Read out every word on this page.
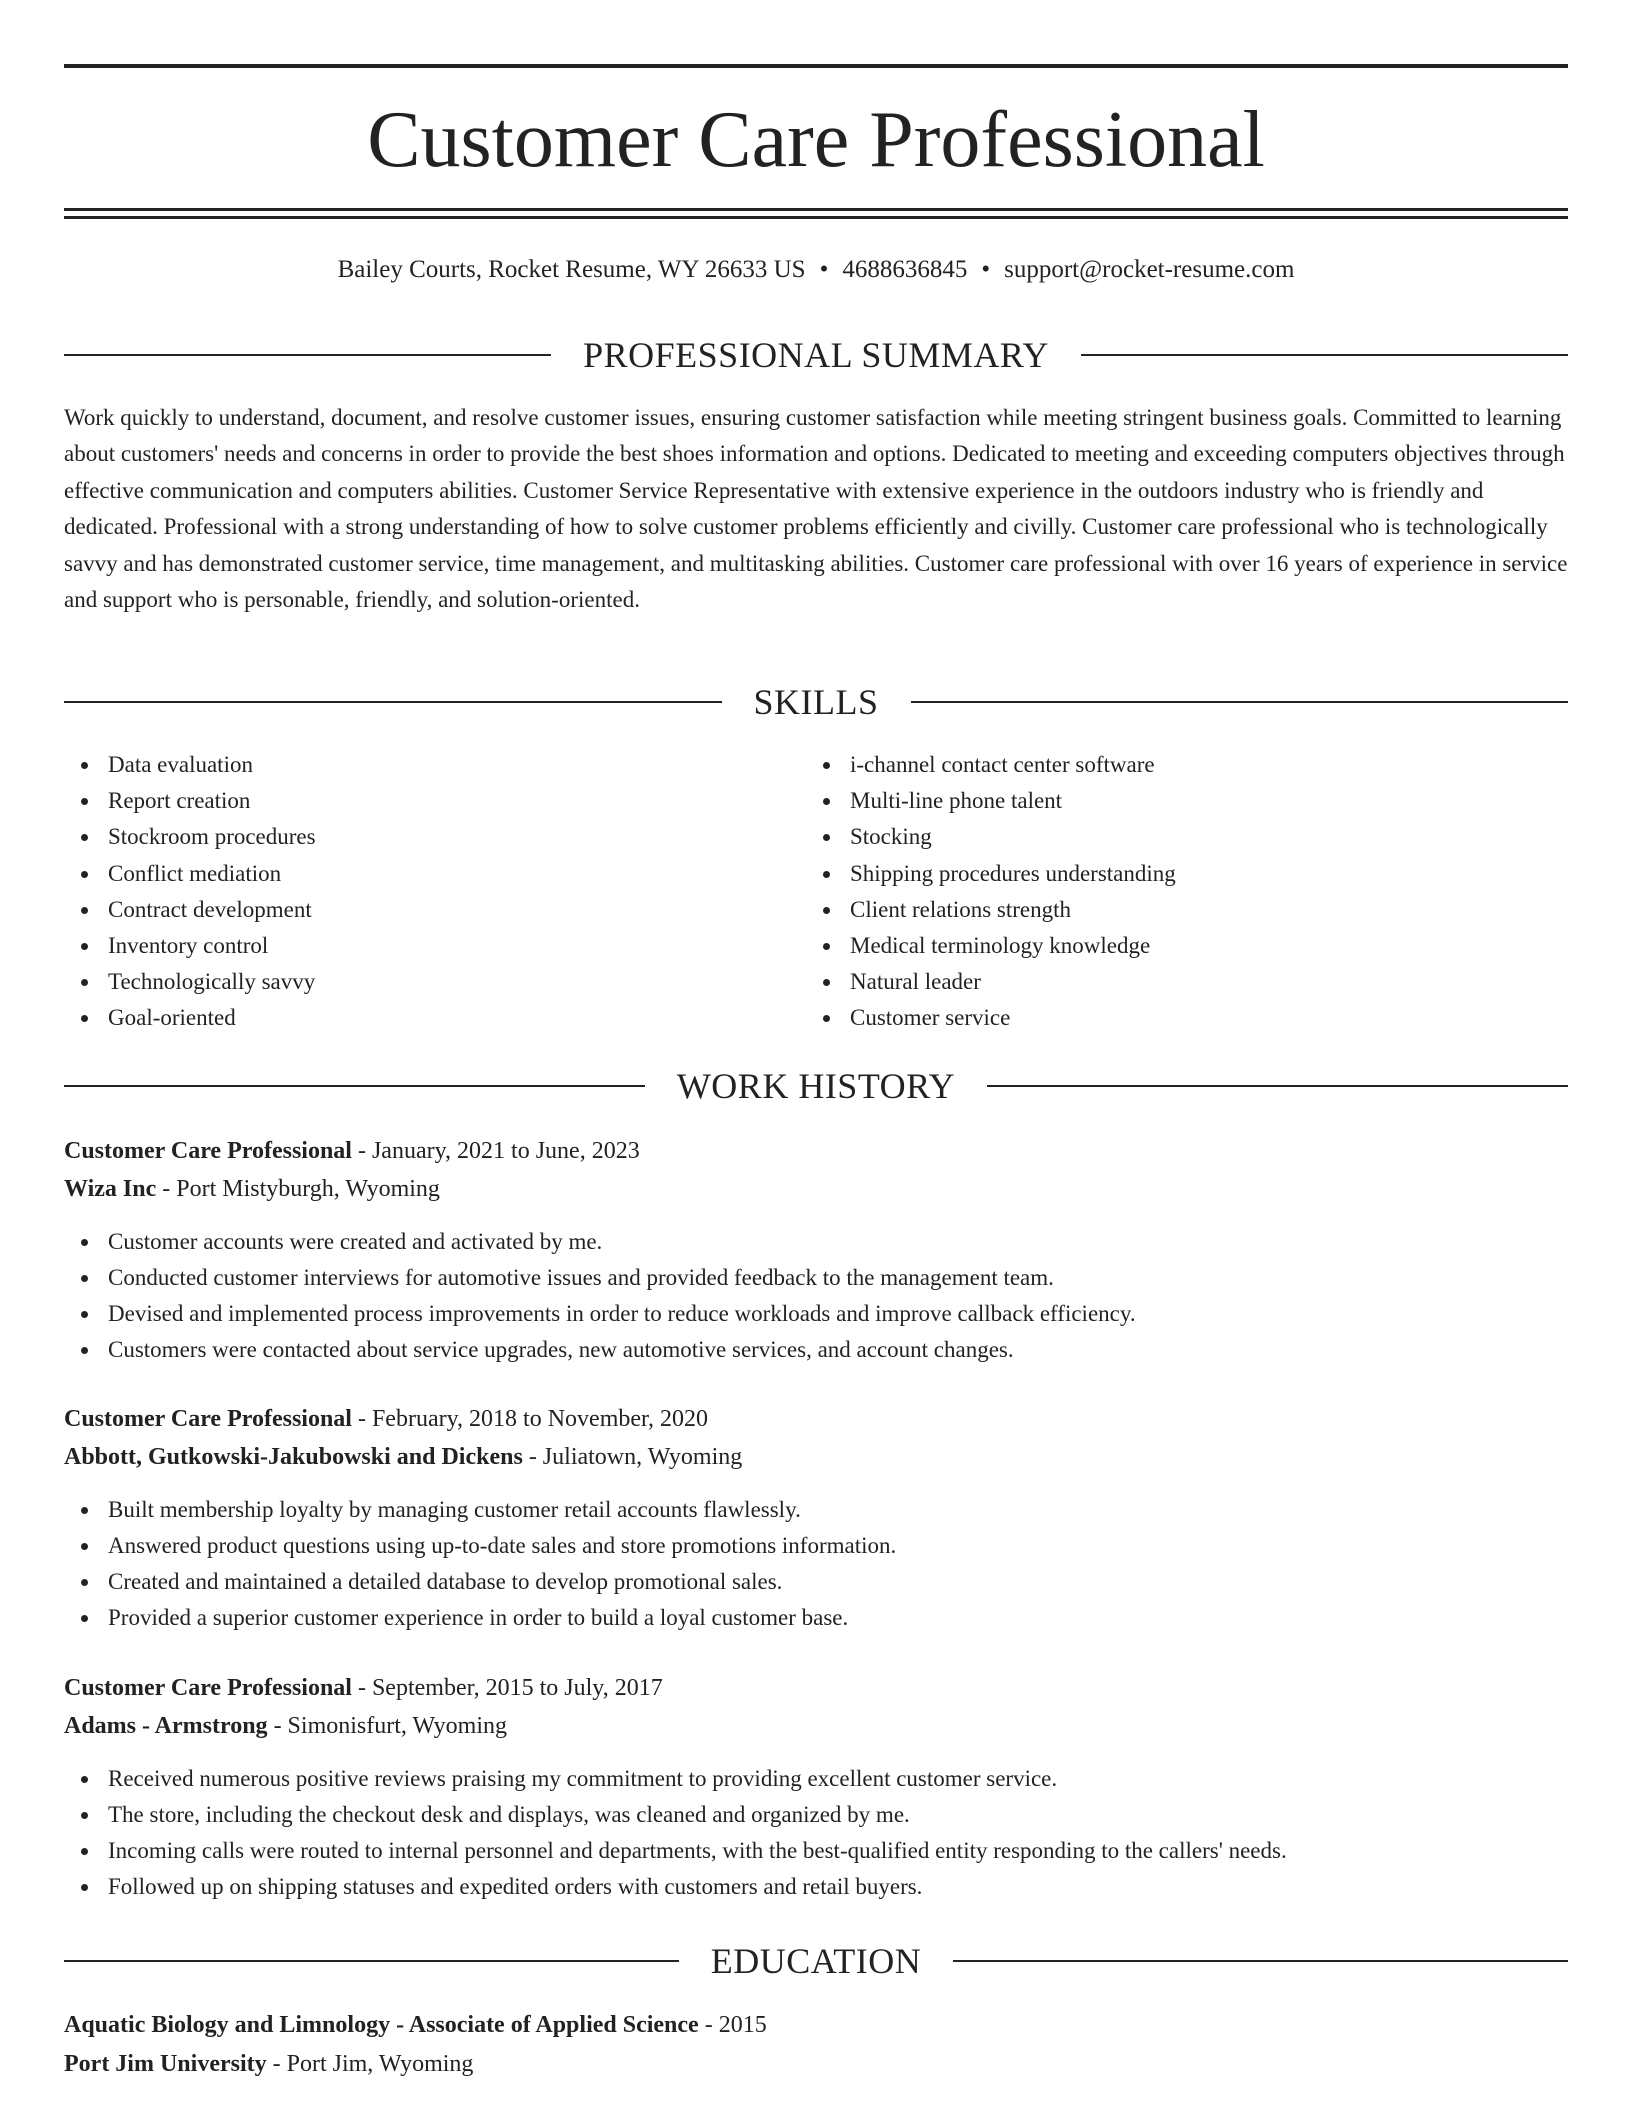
Customer Care Professional
Bailey Courts, Rocket Resume, WY 26633 US • 4688636845 • support@rocket-resume.com
PROFESSIONAL SUMMARY

Work quickly to understand, document, and resolve customer issues, ensuring customer satisfaction while meeting stringent business goals. Committed to learning about customers' needs and concerns in order to provide the best shoes information and options. Dedicated to meeting and exceeding computers objectives through effective communication and computers abilities. Customer Service Representative with extensive experience in the outdoors industry who is friendly and dedicated. Professional with a strong understanding of how to solve customer problems efficiently and civilly. Customer care professional who is technologically savvy and has demonstrated customer service, time management, and multitasking abilities. Customer care professional with over 16 years of experience in service and support who is personable, friendly, and solution-oriented.

SKILLS
Data evaluation
Report creation
Stockroom procedures
Conflict mediation
Contract development
Inventory control
Technologically savvy
Goal-oriented
i-channel contact center software
Multi-line phone talent
Stocking
Shipping procedures understanding
Client relations strength
Medical terminology knowledge
Natural leader
Customer service
WORK HISTORY
Customer Care Professional - January, 2021 to June, 2023
Wiza Inc - Port Mistyburgh, Wyoming
Customer accounts were created and activated by me.
Conducted customer interviews for automotive issues and provided feedback to the management team.
Devised and implemented process improvements in order to reduce workloads and improve callback efficiency.
Customers were contacted about service upgrades, new automotive services, and account changes.
Customer Care Professional - February, 2018 to November, 2020
Abbott, Gutkowski-Jakubowski and Dickens - Juliatown, Wyoming
Built membership loyalty by managing customer retail accounts flawlessly.
Answered product questions using up-to-date sales and store promotions information.
Created and maintained a detailed database to develop promotional sales.
Provided a superior customer experience in order to build a loyal customer base.
Customer Care Professional - September, 2015 to July, 2017
Adams - Armstrong - Simonisfurt, Wyoming
Received numerous positive reviews praising my commitment to providing excellent customer service.
The store, including the checkout desk and displays, was cleaned and organized by me.
Incoming calls were routed to internal personnel and departments, with the best-qualified entity responding to the callers' needs.
Followed up on shipping statuses and expedited orders with customers and retail buyers.
EDUCATION
Aquatic Biology and Limnology - Associate of Applied Science - 2015
Port Jim University - Port Jim, Wyoming
